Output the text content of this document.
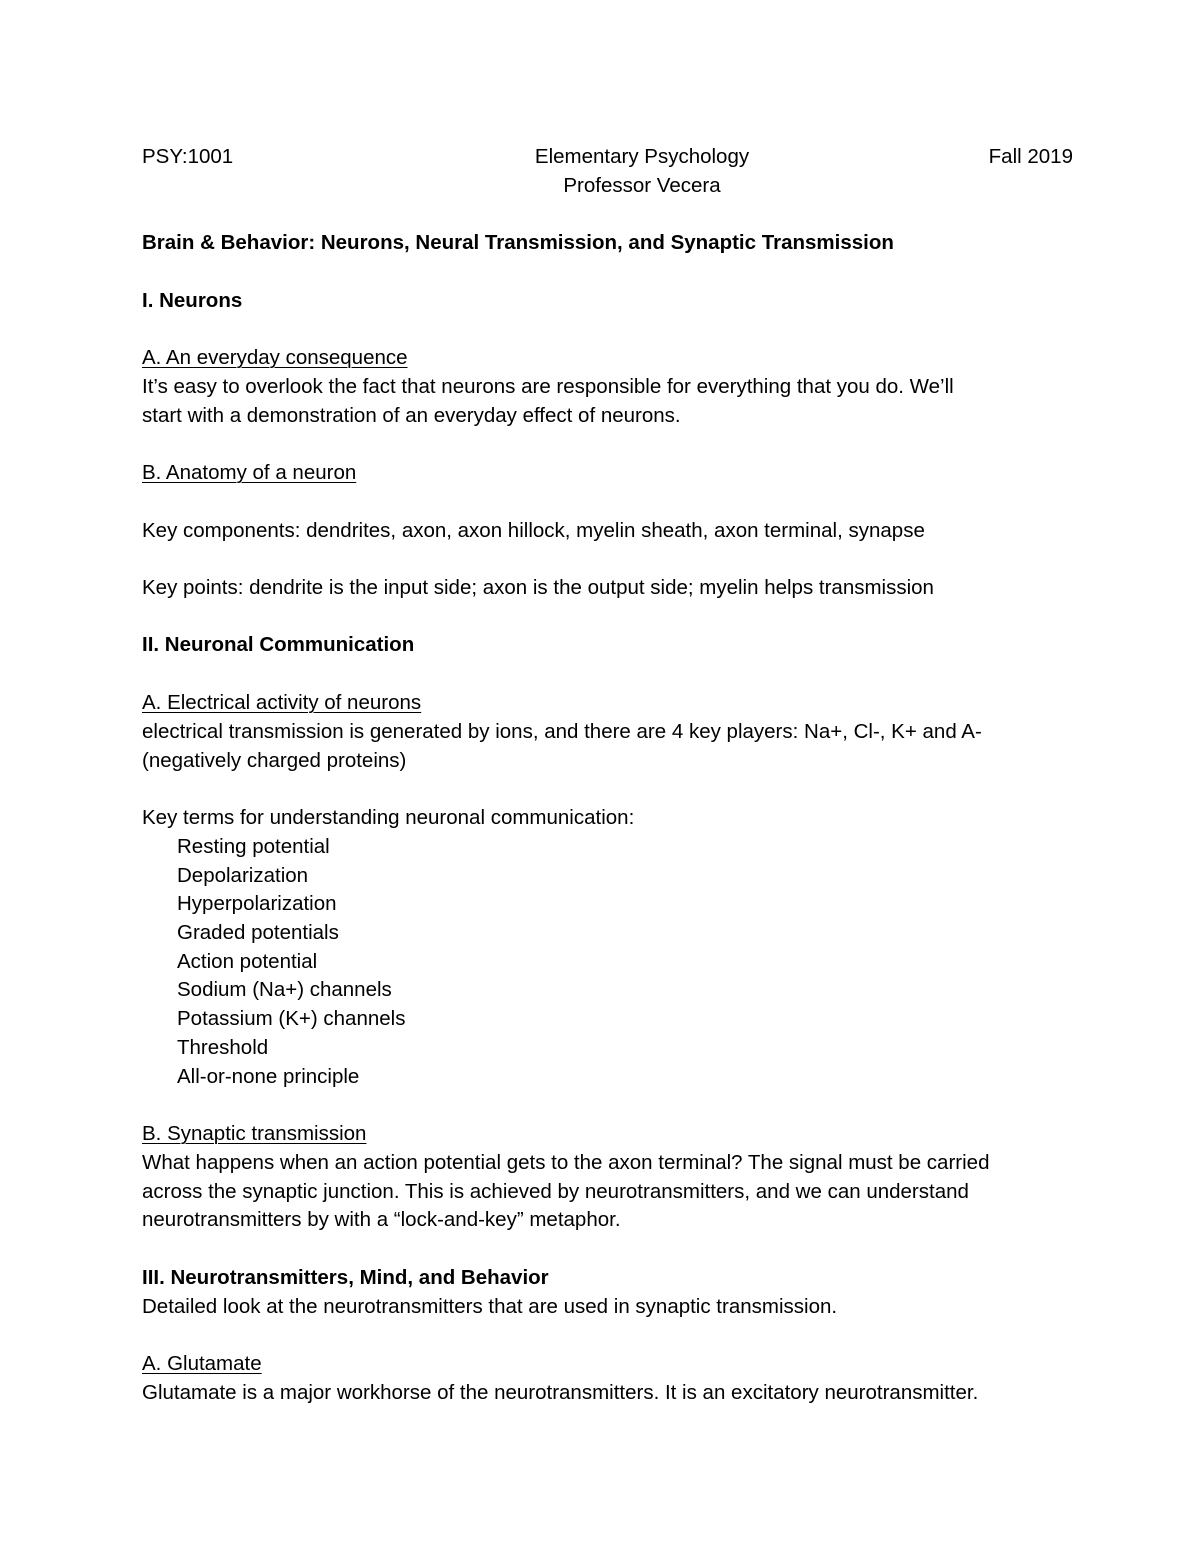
PSY:1001	Elementary Psychology	Fall 2019
Professor Vecera
Brain & Behavior: Neurons, Neural Transmission, and Synaptic Transmission
I. Neurons
A. An everyday consequence
It’s easy to overlook the fact that neurons are responsible for everything that you do. We’ll
start with a demonstration of an everyday effect of neurons.
B. Anatomy of a neuron
Key components: dendrites, axon, axon hillock, myelin sheath, axon terminal, synapse
Key points: dendrite is the input side; axon is the output side; myelin helps transmission
II. Neuronal Communication
A. Electrical activity of neurons
electrical transmission is generated by ions, and there are 4 key players: Na+, Cl-, K+ and A-
(negatively charged proteins)
Key terms for understanding neuronal communication:
Resting potential
Depolarization
Hyperpolarization
Graded potentials
Action potential
Sodium (Na+) channels
Potassium (K+) channels
Threshold
All-or-none principle
B. Synaptic transmission
What happens when an action potential gets to the axon terminal? The signal must be carried
across the synaptic junction. This is achieved by neurotransmitters, and we can understand
neurotransmitters by with a “lock-and-key” metaphor.
III. Neurotransmitters, Mind, and Behavior
Detailed look at the neurotransmitters that are used in synaptic transmission.
A. Glutamate
Glutamate is a major workhorse of the neurotransmitters. It is an excitatory neurotransmitter.
